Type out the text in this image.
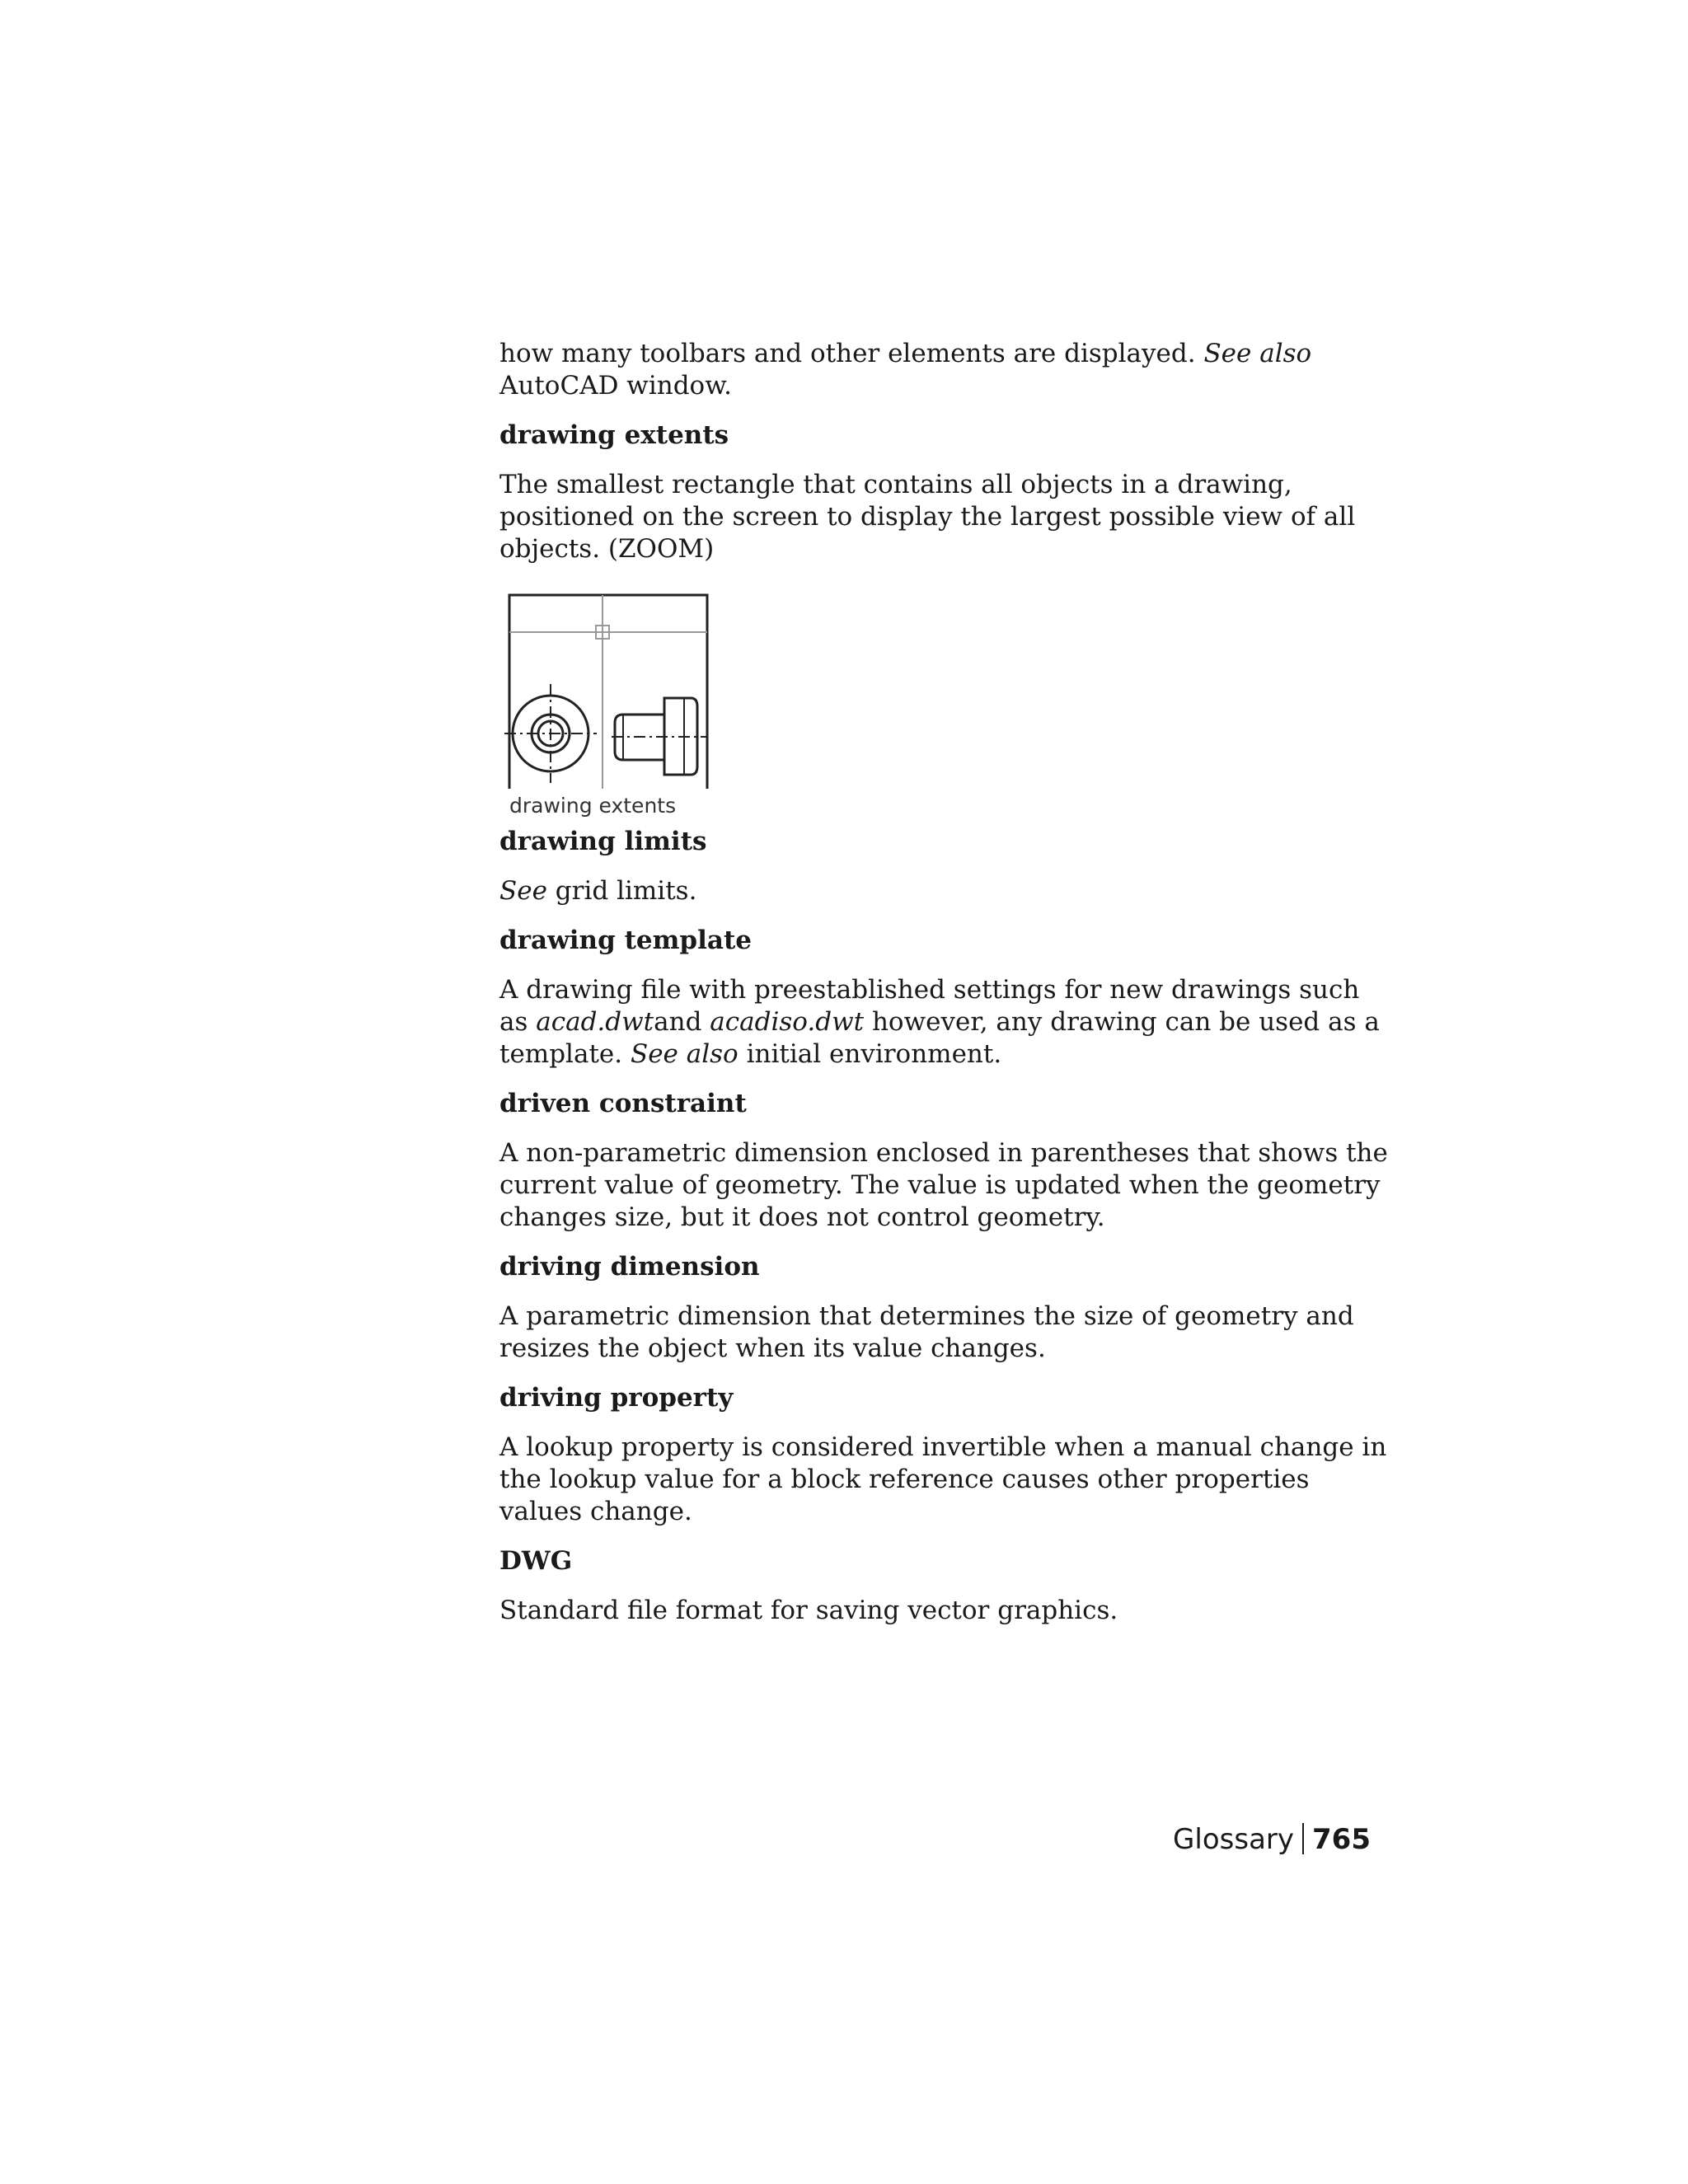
how many toolbars and other elements are displayed. See also AutoCAD window.

drawing extents

The smallest rectangle that contains all objects in a drawing, positioned on the screen to display the largest possible view of all objects. (ZOOM)

drawing extents

drawing limits

See grid limits.

drawing template

A drawing file with preestablished settings for new drawings such as acad.dwtand acadiso.dwt however, any drawing can be used as a template. See also initial environment.

driven constraint

A non-parametric dimension enclosed in parentheses that shows the current value of geometry. The value is updated when the geometry changes size, but it does not control geometry.

driving dimension

A parametric dimension that determines the size of geometry and resizes the object when its value changes.

driving property

A lookup property is considered invertible when a manual change in the lookup value for a block reference causes other properties values change.

DWG

Standard file format for saving vector graphics.

Glossary 765
